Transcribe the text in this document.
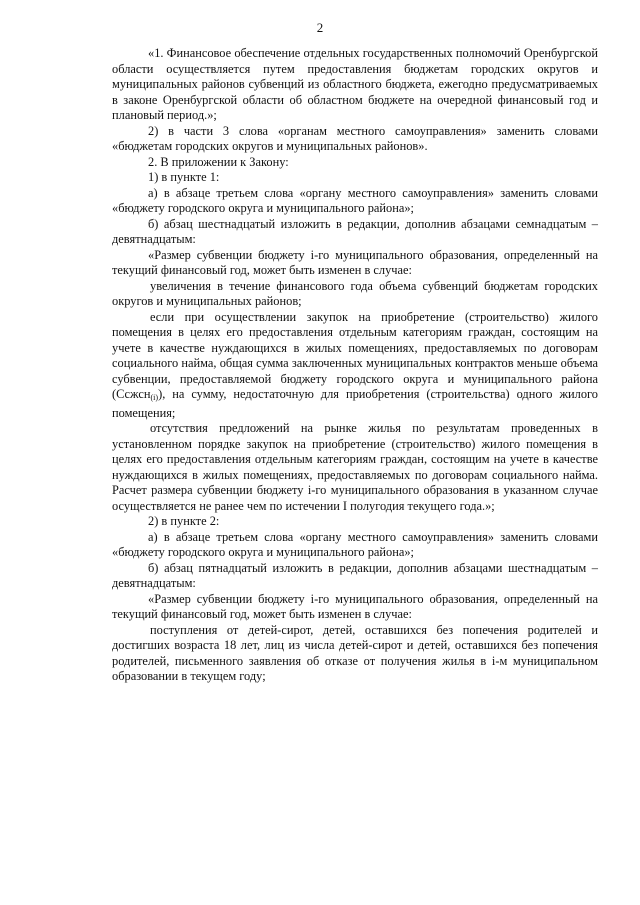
2

«1. Финансовое обеспечение отдельных государственных полномочий Оренбургской области осуществляется путем предоставления бюджетам городских округов и муниципальных районов субвенций из областного бюджета, ежегодно предусматриваемых в законе Оренбургской области об областном бюджете на очередной финансовый год и плановый период.»;

2) в части 3 слова «органам местного самоуправления» заменить словами «бюджетам городских округов и муниципальных районов».

2. В приложении к Закону:

1) в пункте 1:

а) в абзаце третьем слова «органу местного самоуправления» заменить словами «бюджету городского округа и муниципального района»;

б) абзац шестнадцатый изложить в редакции, дополнив абзацами семнадцатым – девятнадцатым:

«Размер субвенции бюджету i-го муниципального образования, определенный на текущий финансовый год, может быть изменен в случае:

увеличения в течение финансового года объема субвенций бюджетам городских округов и муниципальных районов;

если при осуществлении закупок на приобретение (строительство) жилого помещения в целях его предоставления отдельным категориям граждан, состоящим на учете в качестве нуждающихся в жилых помещениях, предоставляемых по договорам социального найма, общая сумма заключенных муниципальных контрактов меньше объема субвенции, предоставляемой бюджету городского округа и муниципального района (Ссжсн$_{(i)}$), на сумму, недостаточную для приобретения (строительства) одного жилого помещения;

отсутствия предложений на рынке жилья по результатам проведенных в установленном порядке закупок на приобретение (строительство) жилого помещения в целях его предоставления отдельным категориям граждан, состоящим на учете в качестве нуждающихся в жилых помещениях, предоставляемых по договорам социального найма. Расчет размера субвенции бюджету i-го муниципального образования в указанном случае осуществляется не ранее чем по истечении I полугодия текущего года.»;

2) в пункте 2:

а) в абзаце третьем слова «органу местного самоуправления» заменить словами «бюджету городского округа и муниципального района»;

б) абзац пятнадцатый изложить в редакции, дополнив абзацами шестнадцатым – девятнадцатым:

«Размер субвенции бюджету i-го муниципального образования, определенный на текущий финансовый год, может быть изменен в случае:

поступления от детей-сирот, детей, оставшихся без попечения родителей и достигших возраста 18 лет, лиц из числа детей-сирот и детей, оставшихся без попечения родителей, письменного заявления об отказе от получения жилья в i-м муниципальном образовании в текущем году;
